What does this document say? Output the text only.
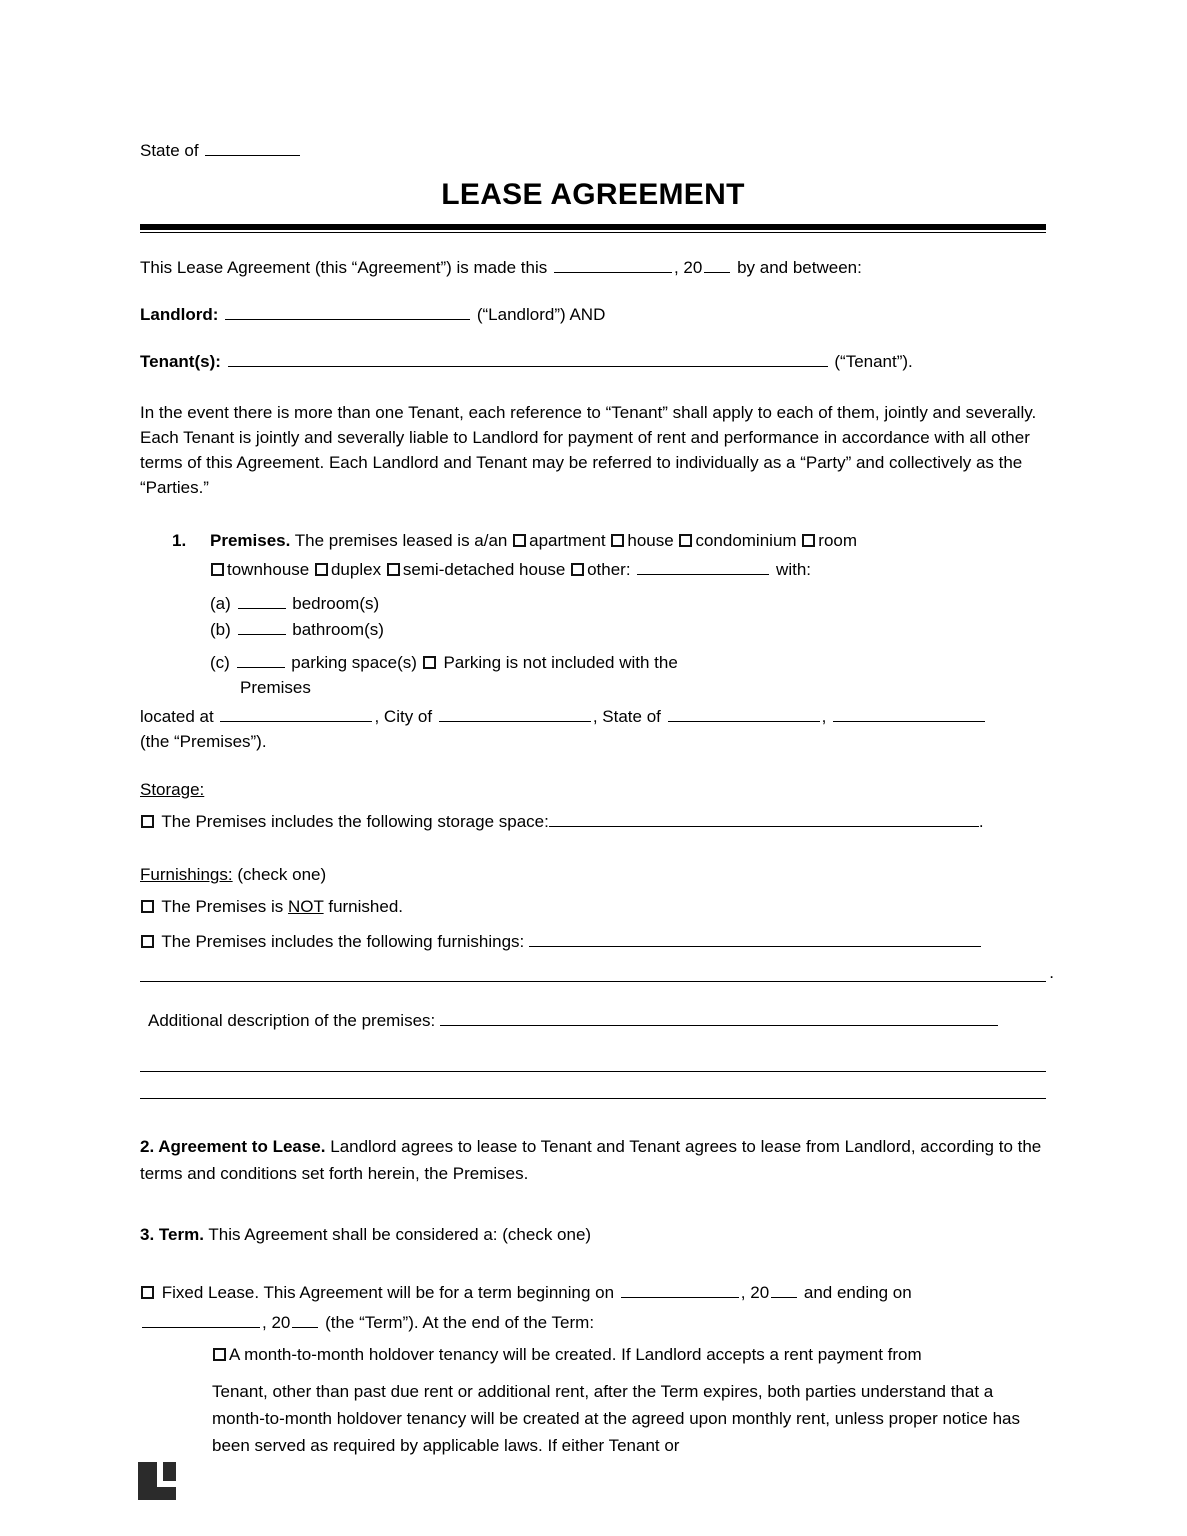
State of
LEASE AGREEMENT
This Lease Agreement (this “Agreement”) is made this	, 20 by and between:
Landlord:	(“Landlord”) AND
Tenant(s):	(“Tenant”).
In the event there is more than one Tenant, each reference to “Tenant” shall apply to each of them, jointly and severally. Each Tenant is jointly and severally liable to Landlord for payment of rent and performance in accordance with all other terms of this Agreement. Each Landlord and Tenant may be referred to individually as a “Party” and collectively as the “Parties.”
1. Premises. The premises leased is a/an apartment house condominium room
townhouse duplex semi-detached house other:	with:
(a)	bedroom(s)
(b)	bathroom(s)
(c)	parking space(s) Parking is not included with the
Premises
located at	, City of	, State of	,
(the “Premises”).
Storage:
The Premises includes the following storage space:	.
Furnishings: (check one)
The Premises is NOT furnished.
The Premises includes the following furnishings:
.
Additional description of the premises:
2. Agreement to Lease. Landlord agrees to lease to Tenant and Tenant agrees to lease from Landlord, according to the terms and conditions set forth herein, the Premises.
3. Term. This Agreement shall be considered a: (check one)
Fixed Lease. This Agreement will be for a term beginning on	, 20 and ending on
, 20 (the “Term”). At the end of the Term:
A month-to-month holdover tenancy will be created. If Landlord accepts a rent payment from
Tenant, other than past due rent or additional rent, after the Term expires, both parties understand that a month-to-month holdover tenancy will be created at the agreed upon monthly rent, unless proper notice has been served as required by applicable laws. If either Tenant or
